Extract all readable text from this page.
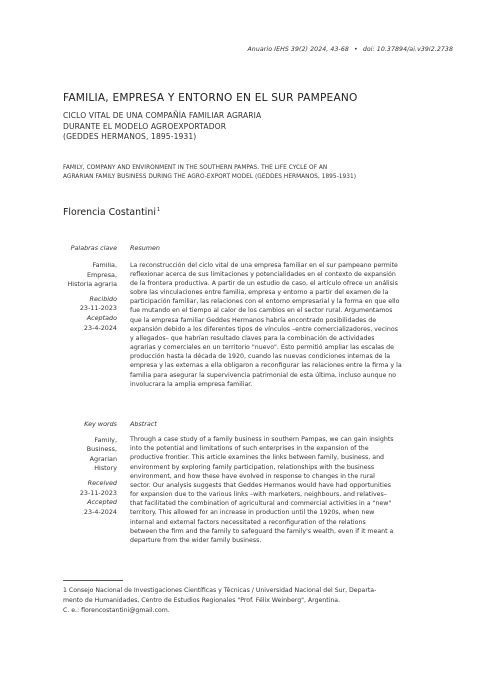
Anuario IEHS 39(2) 2024, 43-68 • doi: 10.37894/ai.v39i2.2738
FAMILIA, EMPRESA Y ENTORNO EN EL SUR PAMPEANO
CICLO VITAL DE UNA COMPAÑÍA FAMILIAR AGRARIA
DURANTE EL MODELO AGROEXPORTADOR
(GEDDES HERMANOS, 1895-1931)
FAMILY, COMPANY AND ENVIRONMENT IN THE SOUTHERN PAMPAS. THE LIFE CYCLE OF AN
AGRARIAN FAMILY BUSINESS DURING THE AGRO-EXPORT MODEL (GEDDES HERMANOS, 1895-1931)
Florencia Costantini$^1$
Palabras clave
Familia,
Empresa,
Historia agraria
Recibido
23-11-2023
Aceptado
23-4-2024
Resumen
La reconstrucción del ciclo vital de una empresa familiar en el sur pampeano permite
reflexionar acerca de sus limitaciones y potencialidades en el contexto de expansión
de la frontera productiva. A partir de un estudio de caso, el artículo ofrece un análisis
sobre las vinculaciones entre familia, empresa y entorno a partir del examen de la
participación familiar, las relaciones con el entorno empresarial y la forma en que ello
fue mutando en el tiempo al calor de los cambios en el sector rural. Argumentamos
que la empresa familiar Geddes Hermanos habría encontrado posibilidades de
expansión debido a los diferentes tipos de vínculos –entre comercializadores, vecinos
y allegados– que habrían resultado claves para la combinación de actividades
agrarias y comerciales en un territorio "nuevo". Esto permitió ampliar las escalas de
producción hasta la década de 1920, cuando las nuevas condiciones internas de la
empresa y las externas a ella obligaron a reconfigurar las relaciones entre la firma y la
familia para asegurar la supervivencia patrimonial de esta última, incluso aunque no
involucrara la amplia empresa familiar.
Key words
Family,
Business,
Agrarian
History
Received
23-11-2023
Accepted
23-4-2024
Abstract
Through a case study of a family business in southern Pampas, we can gain insights
into the potential and limitations of such enterprises in the expansion of the
productive frontier. This article examines the links between family, business, and
environment by exploring family participation, relationships with the business
environment, and how these have evolved in response to changes in the rural
sector. Our analysis suggests that Geddes Hermanos would have had opportunities
for expansion due to the various links –with marketers, neighbours, and relatives–
that facilitated the combination of agricultural and commercial activities in a "new"
territory. This allowed for an increase in production until the 1920s, when new
internal and external factors necessitated a reconfiguration of the relations
between the firm and the family to safeguard the family's wealth, even if it meant a
departure from the wider family business.
1 Consejo Nacional de Investigaciones Científicas y Técnicas / Universidad Nacional del Sur, Departa-
mento de Humanidades, Centro de Estudios Regionales "Prof. Félix Weinberg", Argentina.
C. e.: florencostantini@gmail.com.
